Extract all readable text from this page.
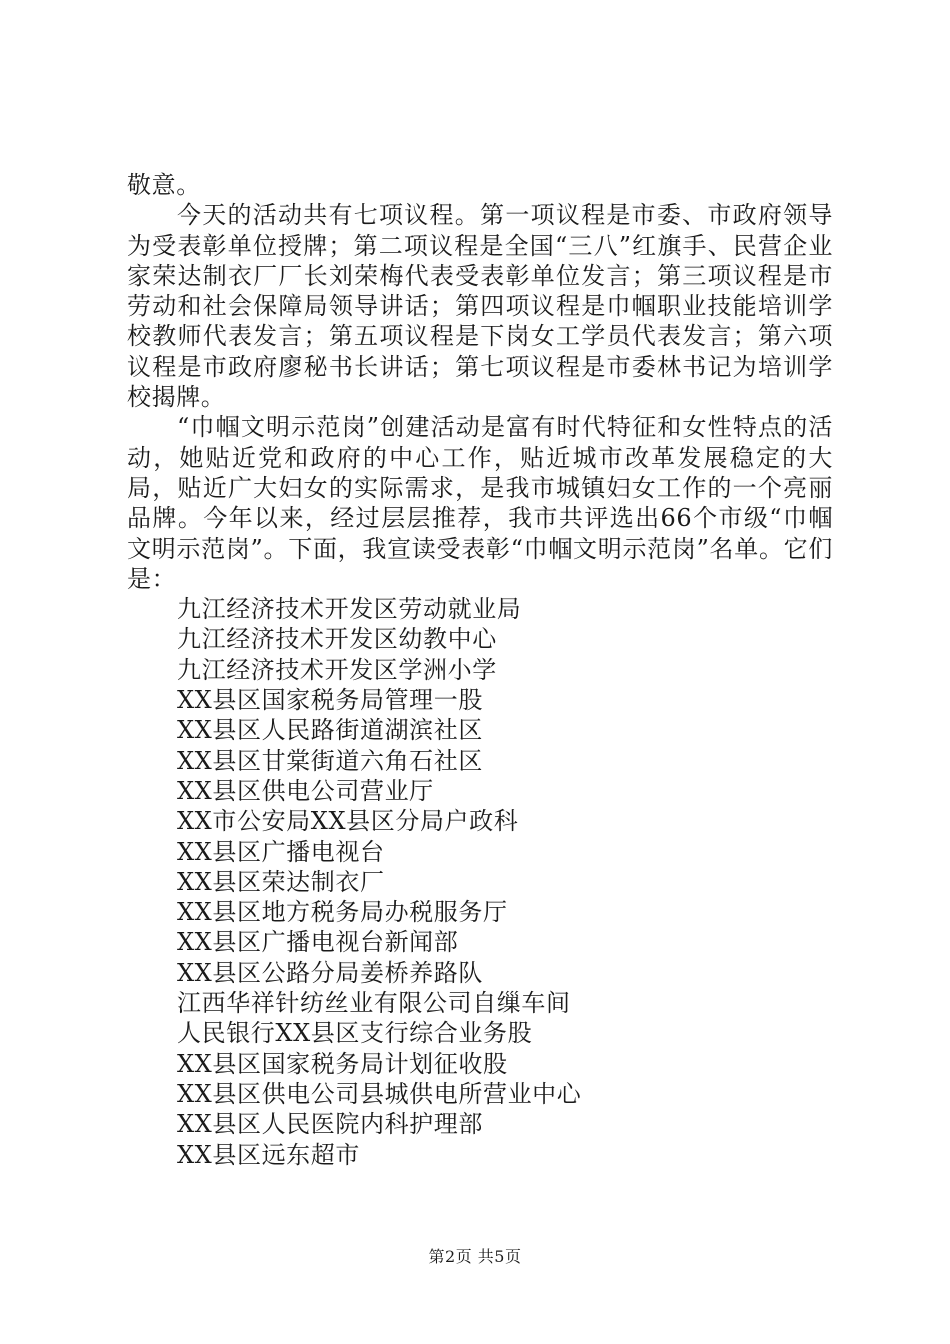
敬意。

今天的活动共有七项议程。第一项议程是市委、市政府领导为受表彰单位授牌；第二项议程是全国“三八”红旗手、民营企业家荣达制衣厂厂长刘荣梅代表受表彰单位发言；第三项议程是市劳动和社会保障局领导讲话；第四项议程是巾帼职业技能培训学校教师代表发言；第五项议程是下岗女工学员代表发言；第六项议程是市政府廖秘书长讲话；第七项议程是市委林书记为培训学校揭牌。

“巾帼文明示范岗”创建活动是富有时代特征和女性特点的活动，她贴近党和政府的中心工作，贴近城市改革发展稳定的大局，贴近广大妇女的实际需求，是我市城镇妇女工作的一个亮丽品牌。今年以来，经过层层推荐，我市共评选出66个市级“巾帼文明示范岗”。下面，我宣读受表彰“巾帼文明示范岗”名单。它们是：

九江经济技术开发区劳动就业局
九江经济技术开发区幼教中心
九江经济技术开发区学洲小学
XX县区国家税务局管理一股
XX县区人民路街道湖滨社区
XX县区甘棠街道六角石社区
XX县区供电公司营业厅
XX市公安局XX县区分局户政科
XX县区广播电视台
XX县区荣达制衣厂
XX县区地方税务局办税服务厅
XX县区广播电视台新闻部
XX县区公路分局姜桥养路队
江西华祥针纺丝业有限公司自缫车间
人民银行XX县区支行综合业务股
XX县区国家税务局计划征收股
XX县区供电公司县城供电所营业中心
XX县区人民医院内科护理部
XX县区远东超市
第2页 共5页
